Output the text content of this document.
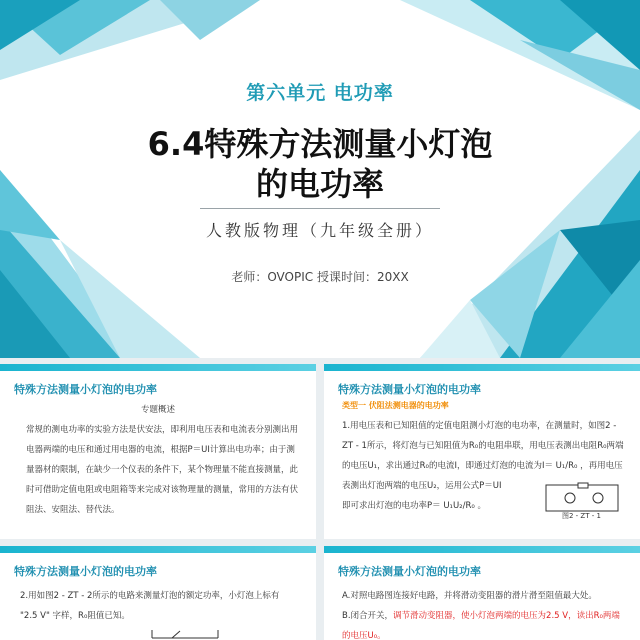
第六单元 电功率
6.4特殊方法测量小灯泡
的电功率
人教版物理（九年级全册）
老师：OVOPIC 授课时间：20XX
特殊方法测量小灯泡的电功率
专题概述
常规的测电功率的实验方法是伏安法，即利用电压表和电流表分别测出用
电器两端的电压和通过用电器的电流，根据P＝UI计算出电功率；由于测
量器材的限制，在缺少一个仪表的条件下，某个物理量不能直接测量，此
时可借助定值电阻或电阻箱等来完成对该物理量的测量，常用的方法有伏
阻法、安阻法、替代法。
特殊方法测量小灯泡的电功率
类型一 伏阻法测电器的电功率
1.用电压表和已知阻值的定值电阻测小灯泡的电功率，在测量时，如图2 -
ZT - 1所示，将灯泡与已知阻值为R₀的电阻串联，用电压表测出电阻R₀两端
的电压U₁，求出通过R₀的电流I，即通过灯泡的电流为I＝ U₁/R₀ ，再用电压
表测出灯泡两端的电压U₂，运用公式P＝UI
即可求出灯泡的电功率P＝ U₁U₂/R₀ 。
图2 - ZT - 1
特殊方法测量小灯泡的电功率
2.用如图2 - ZT - 2所示的电路来测量灯泡的额定功率，小灯泡上标有
"2.5 V" 字样，R₀阻值已知。
特殊方法测量小灯泡的电功率
A.对照电路图连接好电路，并将滑动变阻器的滑片滑至阻值最大处。
B.闭合开关，调节滑动变阻器，使小灯泡两端的电压为2.5 V，读出R₀两端
的电压U₀。
